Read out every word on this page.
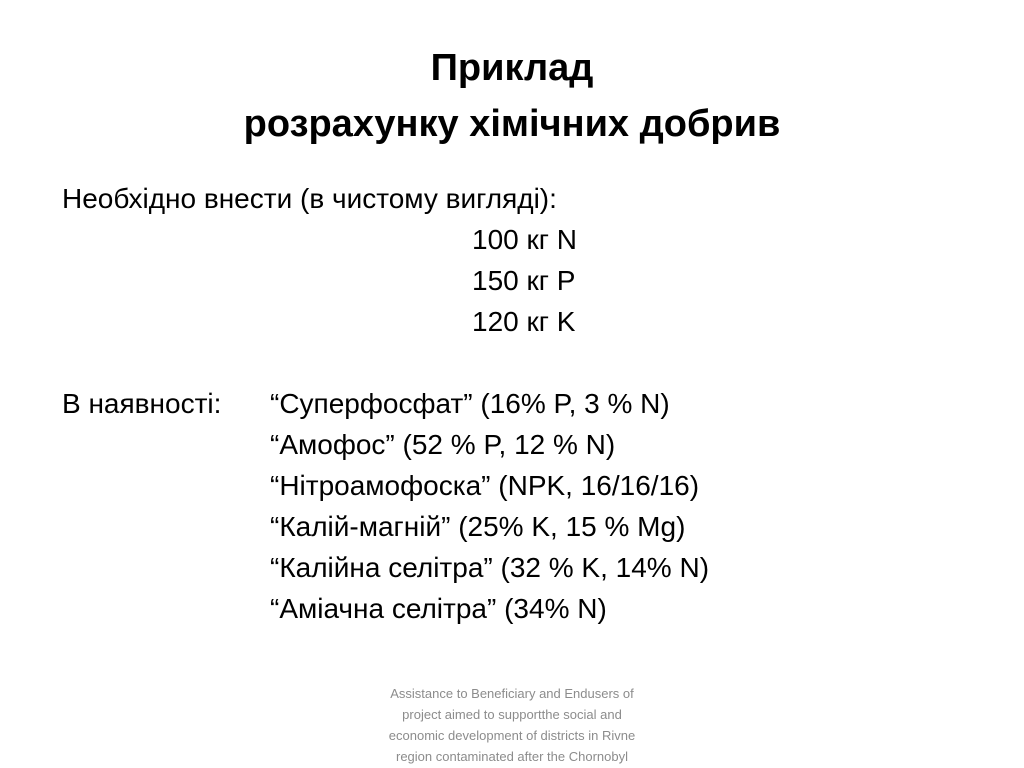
Приклад
розрахунку хімічних добрив
Необхідно внести (в чистому вигляді):
100 кг N
150 кг P
120 кг K
В наявності:	“Суперфосфат” (16% P, 3 % N)
“Амофос” (52 % P, 12 % N)
“Нітроамофоска” (NPK, 16/16/16)
“Калій-магній” (25% K, 15 % Mg)
“Калійна селітра” (32 % K, 14% N)
“Аміачна селітра” (34% N)
Assistance to Beneficiary and Endusers of
project aimed to supportthe social and
economic development of districts in Rivne
region contaminated after the Chornobyl
